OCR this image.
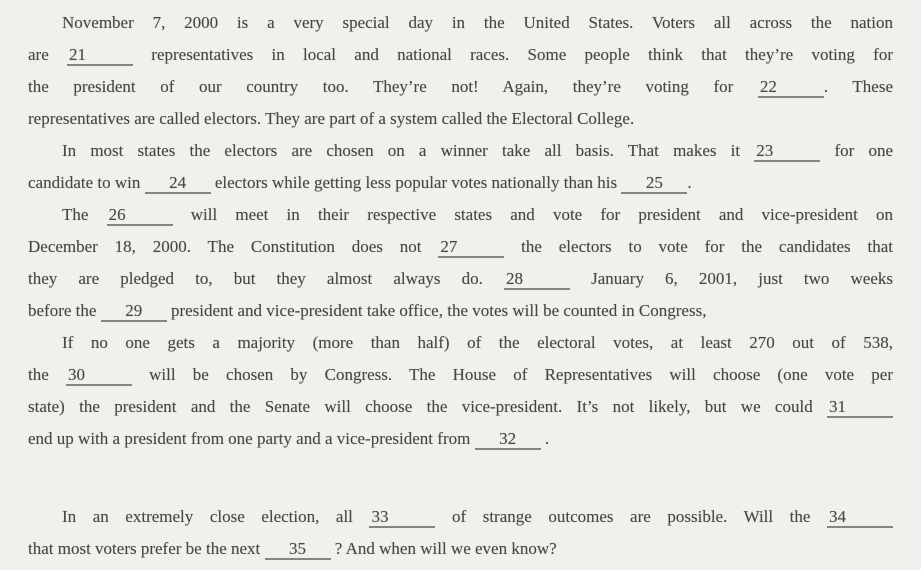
November 7, 2000 is a very special day in the United States. Voters all across the nation
are 21	representatives in local and national races. Some people think that they’re voting for
the president of our country too. They’re not! Again, they’re voting for 22	. These
representatives are called electors. They are part of a system called the Electoral College.

In most states the electors are chosen on a winner take all basis. That makes it 23	for one
candidate to win 24 electors while getting less popular votes nationally than his 25 .

The 26	will meet in their respective states and vote for president and vice-president on
December 18, 2000. The Constitution does not 27	the electors to vote for the candidates that
they are pledged to, but they almost always do. 28	January 6, 2001, just two weeks
before the 29 president and vice-president take office, the votes will be counted in Congress,

If no one gets a majority (more than half) of the electoral votes, at least 270 out of 538,
the 30	will be chosen by Congress. The House of Representatives will choose (one vote per
state) the president and the Senate will choose the vice-president. It’s not likely, but we could 31
end up with a president from one party and a vice-president from 32 .

In an extremely close election, all 33	of strange outcomes are possible. Will the 34
that most voters prefer be the next 35 ? And when will we even know?
